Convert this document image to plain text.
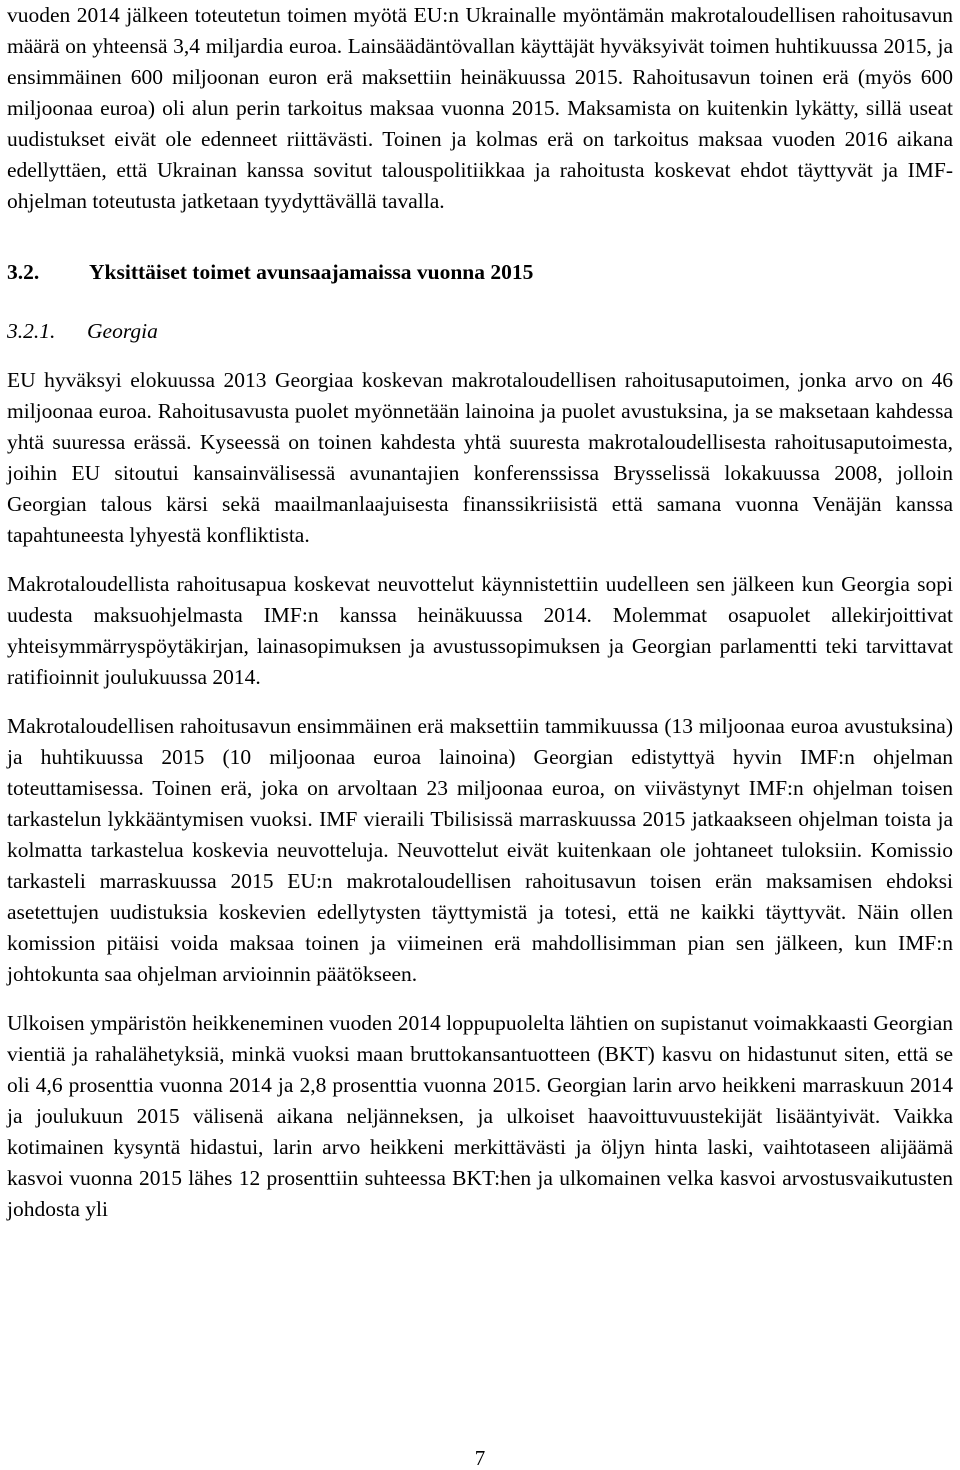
vuoden 2014 jälkeen toteutetun toimen myötä EU:n Ukrainalle myöntämän makrotaloudellisen rahoitusavun määrä on yhteensä 3,4 miljardia euroa. Lainsäädäntövallan käyttäjät hyväksyivät toimen huhtikuussa 2015, ja ensimmäinen 600 miljoonan euron erä maksettiin heinäkuussa 2015. Rahoitusavun toinen erä (myös 600 miljoonaa euroa) oli alun perin tarkoitus maksaa vuonna 2015. Maksamista on kuitenkin lykätty, sillä useat uudistukset eivät ole edenneet riittävästi. Toinen ja kolmas erä on tarkoitus maksaa vuoden 2016 aikana edellyttäen, että Ukrainan kanssa sovitut talouspolitiikkaa ja rahoitusta koskevat ehdot täyttyvät ja IMF-ohjelman toteutusta jatketaan tyydyttävällä tavalla.

3.2.	Yksittäiset toimet avunsaajamaissa vuonna 2015
3.2.1.	Georgia

EU hyväksyi elokuussa 2013 Georgiaa koskevan makrotaloudellisen rahoitusaputoimen, jonka arvo on 46 miljoonaa euroa. Rahoitusavusta puolet myönnetään lainoina ja puolet avustuksina, ja se maksetaan kahdessa yhtä suuressa erässä. Kyseessä on toinen kahdesta yhtä suuresta makrotaloudellisesta rahoitusaputoimesta, joihin EU sitoutui kansainvälisessä avunantajien konferenssissa Brysselissä lokakuussa 2008, jolloin Georgian talous kärsi sekä maailmanlaajuisesta finanssikriisistä että samana vuonna Venäjän kanssa tapahtuneesta lyhyestä konfliktista.

Makrotaloudellista rahoitusapua koskevat neuvottelut käynnistettiin uudelleen sen jälkeen kun Georgia sopi uudesta maksuohjelmasta IMF:n kanssa heinäkuussa 2014. Molemmat osapuolet allekirjoittivat yhteisymmärryspöytäkirjan, lainasopimuksen ja avustussopimuksen ja Georgian parlamentti teki tarvittavat ratifioinnit joulukuussa 2014.

Makrotaloudellisen rahoitusavun ensimmäinen erä maksettiin tammikuussa (13 miljoonaa euroa avustuksina) ja huhtikuussa 2015 (10 miljoonaa euroa lainoina) Georgian edistyttyä hyvin IMF:n ohjelman toteuttamisessa. Toinen erä, joka on arvoltaan 23 miljoonaa euroa, on viivästynyt IMF:n ohjelman toisen tarkastelun lykkääntymisen vuoksi. IMF vieraili Tbilisissä marraskuussa 2015 jatkaakseen ohjelman toista ja kolmatta tarkastelua koskevia neuvotteluja. Neuvottelut eivät kuitenkaan ole johtaneet tuloksiin. Komissio tarkasteli marraskuussa 2015 EU:n makrotaloudellisen rahoitusavun toisen erän maksamisen ehdoksi asetettujen uudistuksia koskevien edellytysten täyttymistä ja totesi, että ne kaikki täyttyvät. Näin ollen komission pitäisi voida maksaa toinen ja viimeinen erä mahdollisimman pian sen jälkeen, kun IMF:n johtokunta saa ohjelman arvioinnin päätökseen.

Ulkoisen ympäristön heikkeneminen vuoden 2014 loppupuolelta lähtien on supistanut voimakkaasti Georgian vientiä ja rahalähetyksiä, minkä vuoksi maan bruttokansantuotteen (BKT) kasvu on hidastunut siten, että se oli 4,6 prosenttia vuonna 2014 ja 2,8 prosenttia vuonna 2015. Georgian larin arvo heikkeni marraskuun 2014 ja joulukuun 2015 välisenä aikana neljänneksen, ja ulkoiset haavoittuvuustekijät lisääntyivät. Vaikka kotimainen kysyntä hidastui, larin arvo heikkeni merkittävästi ja öljyn hinta laski, vaihtotaseen alijäämä kasvoi vuonna 2015 lähes 12 prosenttiin suhteessa BKT:hen ja ulkomainen velka kasvoi arvostusvaikutusten johdosta yli

7
